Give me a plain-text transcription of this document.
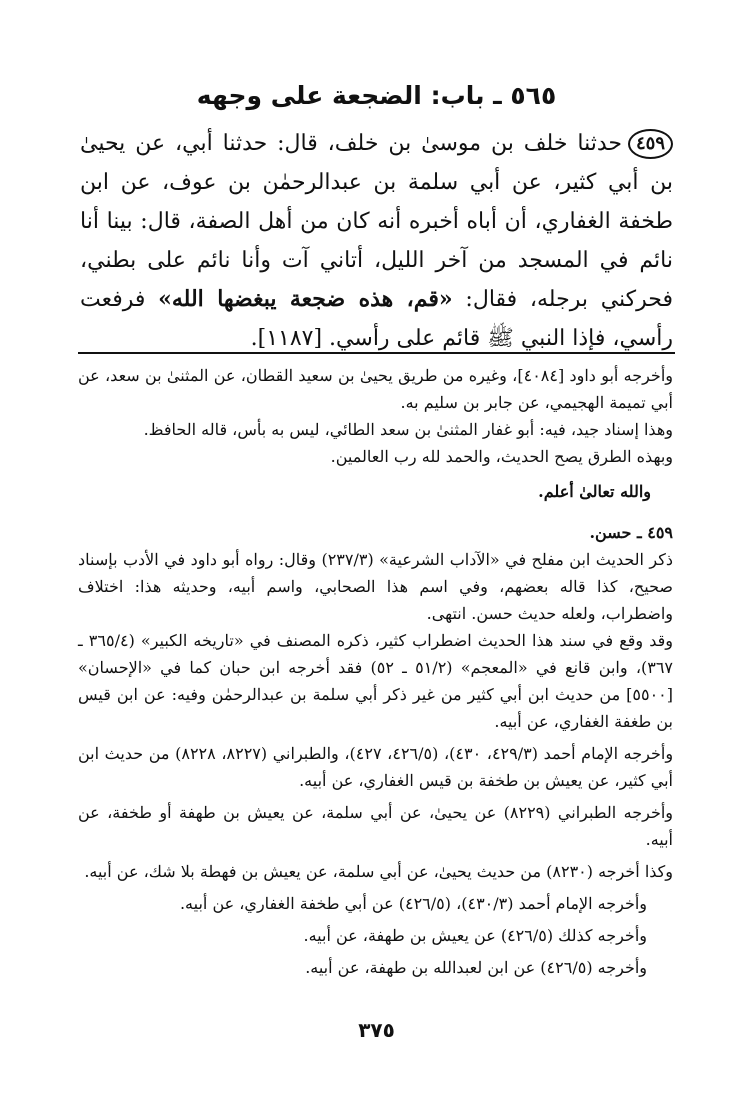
٥٦٥ ـ باب: الضجعة على وجهه
٤٥٩حدثنا خلف بن موسىٰ بن خلف، قال: حدثنا أبي، عن يحيىٰ بن أبي كثير، عن أبي سلمة بن عبدالرحمٰن بن عوف، عن ابن طخفة الغفاري، أن أباه أخبره أنه كان من أهل الصفة، قال: بينا أنا نائم في المسجد من آخر الليل، أتاني آت وأنا نائم على بطني، فحركني برجله، فقال: «قم، هذه ضجعة يبغضها الله» فرفعت رأسي، فإذا النبي ﷺ قائم على رأسي. [١١٨٧].

وأخرجه أبو داود [٤٠٨٤]، وغيره من طريق يحيىٰ بن سعيد القطان، عن المثنىٰ بن سعد، عن أبي تميمة الهجيمي، عن جابر بن سليم به.

وهذا إسناد جيد، فيه: أبو غفار المثنىٰ بن سعد الطائي، ليس به بأس، قاله الحافظ.

وبهذه الطرق يصح الحديث، والحمد لله رب العالمين.

والله تعالىٰ أعلم.

٤٥٩ ـ حسن.

ذكر الحديث ابن مفلح في «الآداب الشرعية» (٢٣٧/٣) وقال: رواه أبو داود في الأدب بإسناد صحيح، كذا قاله بعضهم، وفي اسم هذا الصحابي، واسم أبيه، وحديثه هذا: اختلاف واضطراب، ولعله حديث حسن. انتهى.

وقد وقع في سند هذا الحديث اضطراب كثير، ذكره المصنف في «تاريخه الكبير» (٣٦٥/٤ ـ ٣٦٧)، وابن قانع في «المعجم» (٥١/٢ ـ ٥٢) فقد أخرجه ابن حبان كما في «الإحسان» [٥٥٠٠] من حديث ابن أبي كثير من غير ذكر أبي سلمة بن عبدالرحمٰن وفيه: عن ابن قيس بن طغفة الغفاري، عن أبيه.

وأخرجه الإمام أحمد (٤٢٩/٣، ٤٣٠)، (٤٢٦/٥، ٤٢٧)، والطبراني (٨٢٢٧، ٨٢٢٨) من حديث ابن أبي كثير، عن يعيش بن طخفة بن قيس الغفاري، عن أبيه.

وأخرجه الطبراني (٨٢٢٩) عن يحيىٰ، عن أبي سلمة، عن يعيش بن طهفة أو طخفة، عن أبيه.

وكذا أخرجه (٨٢٣٠) من حديث يحيىٰ، عن أبي سلمة، عن يعيش بن فهطة بلا شك، عن أبيه.

وأخرجه الإمام أحمد (٤٣٠/٣)، (٤٢٦/٥) عن أبي طخفة الغفاري، عن أبيه.

وأخرجه كذلك (٤٢٦/٥) عن يعيش بن طهفة، عن أبيه.

وأخرجه (٤٢٦/٥) عن ابن لعبدالله بن طهفة، عن أبيه.

٣٧٥
